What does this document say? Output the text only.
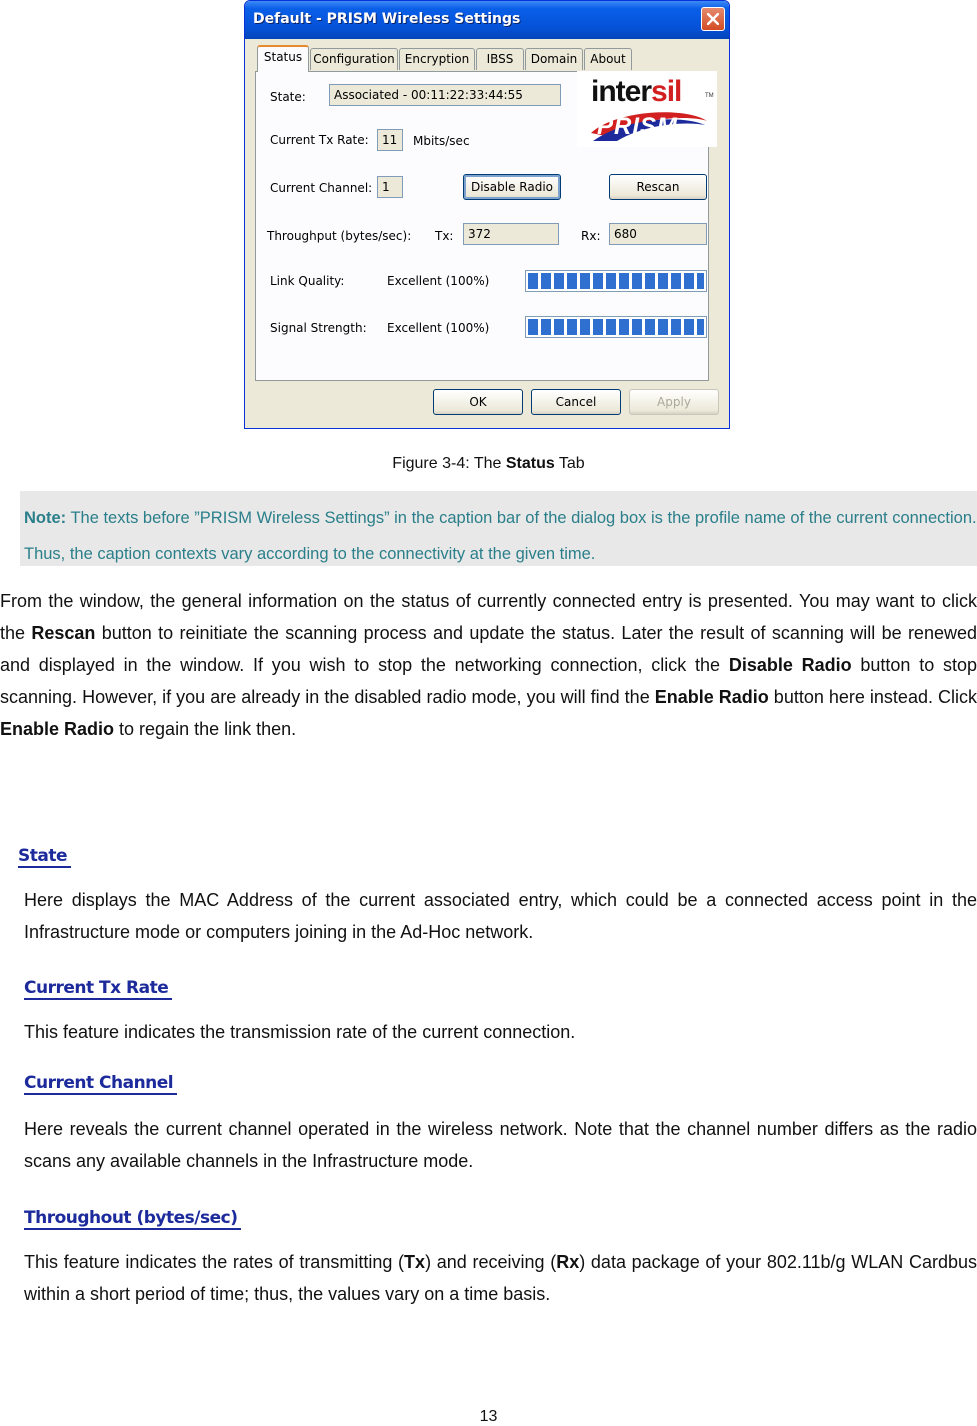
Default - PRISM Wireless Settings
Status Configuration Encryption	IBSS	Domain	About
intersil	TM
PRISM
State:	Associated - 00:11:22:33:44:55
Current Tx Rate:	11	Mbits/sec
Current Channel: 1	Disable Radio	Rescan
Throughput (bytes/sec): Tx:	372	Rx:	680
Link Quality:	Excellent (100%)
Signal Strength: Excellent (100%)
OK	Cancel	Apply
Figure 3-4: The Status Tab
Note: The texts before ”PRISM Wireless Settings” in the caption bar of the dialog box is the profile name of the current connection. Thus, the caption contexts vary according to the connectivity at the given time.
From the window, the general information on the status of currently connected entry is presented. You may want to click the Rescan button to reinitiate the scanning process and update the status. Later the result of scanning will be renewed and displayed in the window. If you wish to stop the networking connection, click the Disable Radio button to stop scanning. However, if you are already in the disabled radio mode, you will find the Enable Radio button here instead. Click Enable Radio to regain the link then.
State
Here displays the MAC Address of the current associated entry, which could be a connected access point in the Infrastructure mode or computers joining in the Ad-Hoc network.
Current Tx Rate
This feature indicates the transmission rate of the current connection.
Current Channel
Here reveals the current channel operated in the wireless network. Note that the channel number differs as the radio scans any available channels in the Infrastructure mode.
Throughout (bytes/sec)
This feature indicates the rates of transmitting (Tx) and receiving (Rx) data package of your 802.11b/g WLAN Cardbus within a short period of time; thus, the values vary on a time basis.
13
